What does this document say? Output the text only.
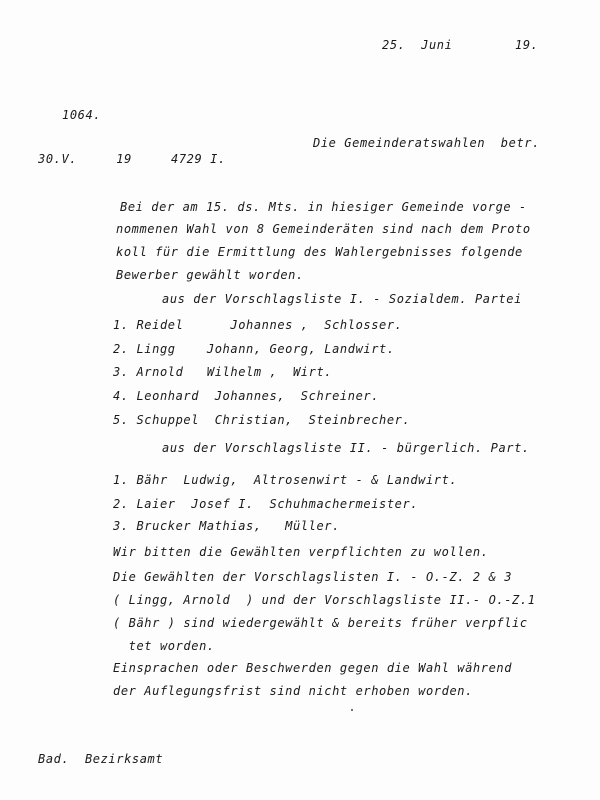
25.  Juni        19.
1064.
Die Gemeinderatswahlen  betr.
30.V.     19     4729 I.
Bei der am 15. ds. Mts. in hiesiger Gemeinde vorge -
nommenen Wahl von 8 Gemeinderäten sind nach dem Proto
koll für die Ermittlung des Wahlergebnisses folgende
Bewerber gewählt worden.
aus der Vorschlagsliste I. - Sozialdem. Partei
1. Reidel      Johannes ,  Schlosser.
2. Lingg    Johann, Georg, Landwirt.
3. Arnold   Wilhelm ,  Wirt.
4. Leonhard  Johannes,  Schreiner.
5. Schuppel  Christian,  Steinbrecher.
aus der Vorschlagsliste II. - bürgerlich. Part.
1. Bähr  Ludwig,  Altrosenwirt - & Landwirt.
2. Laier  Josef I.  Schuhmachermeister.
3. Brucker Mathias,   Müller.
Wir bitten die Gewählten verpflichten zu wollen.
Die Gewählten der Vorschlagslisten I. - O.-Z. 2 & 3
( Lingg, Arnold  ) und der Vorschlagsliste II.- O.-Z.1
( Bähr ) sind wiedergewählt & bereits früher verpflic
tet worden.
Einsprachen oder Beschwerden gegen die Wahl während
der Auflegungsfrist sind nicht erhoben worden.
Bad.  Bezirksamt
